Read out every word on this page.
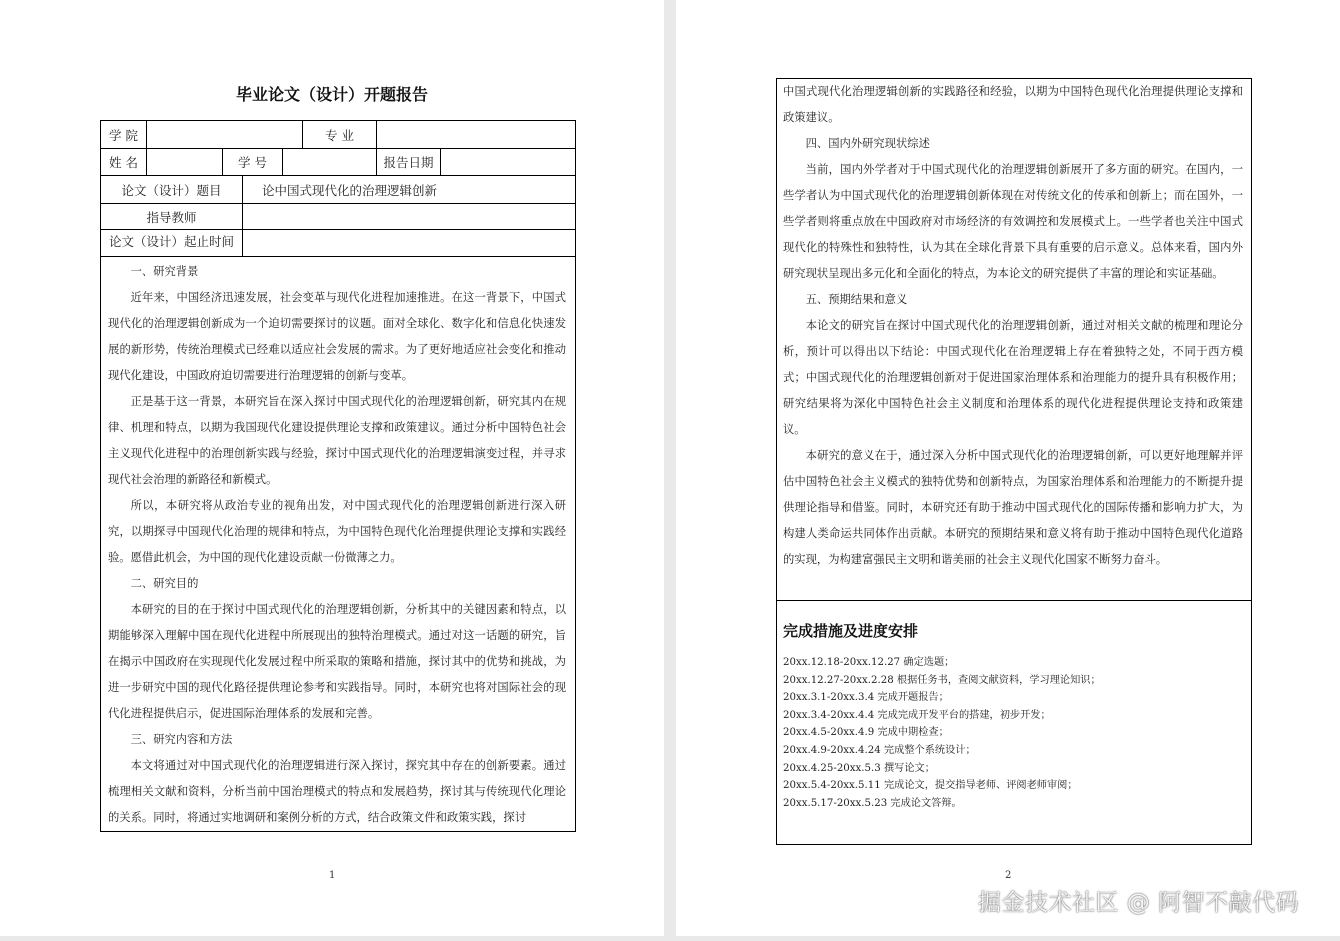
毕业论文（设计）开题报告
学 院	专 业
姓 名	学 号	报告日期
论文（设计）题目	论中国式现代化的治理逻辑创新
指导教师
论文（设计）起止时间

一、研究背景

近年来，中国经济迅速发展，社会变革与现代化进程加速推进。在这一背景下，中国式现代化的治理逻辑创新成为一个迫切需要探讨的议题。面对全球化、数字化和信息化快速发展的新形势，传统治理模式已经难以适应社会发展的需求。为了更好地适应社会变化和推动现代化建设，中国政府迫切需要进行治理逻辑的创新与变革。

正是基于这一背景，本研究旨在深入探讨中国式现代化的治理逻辑创新，研究其内在规律、机理和特点，以期为我国现代化建设提供理论支撑和政策建议。通过分析中国特色社会主义现代化进程中的治理创新实践与经验，探讨中国式现代化的治理逻辑演变过程，并寻求现代社会治理的新路径和新模式。

所以，本研究将从政治专业的视角出发，对中国式现代化的治理逻辑创新进行深入研究，以期探寻中国现代化治理的规律和特点，为中国特色现代化治理提供理论支撑和实践经验。愿借此机会，为中国的现代化建设贡献一份微薄之力。

二、研究目的

本研究的目的在于探讨中国式现代化的治理逻辑创新，分析其中的关键因素和特点，以期能够深入理解中国在现代化进程中所展现出的独特治理模式。通过对这一话题的研究，旨在揭示中国政府在实现现代化发展过程中所采取的策略和措施，探讨其中的优势和挑战，为进一步研究中国的现代化路径提供理论参考和实践指导。同时，本研究也将对国际社会的现代化进程提供启示，促进国际治理体系的发展和完善。

三、研究内容和方法

本文将通过对中国式现代化的治理逻辑进行深入探讨，探究其中存在的创新要素。通过梳理相关文献和资料，分析当前中国治理模式的特点和发展趋势，探讨其与传统现代化理论的关系。同时，将通过实地调研和案例分析的方式，结合政策文件和政策实践，探讨

1

中国式现代化治理逻辑创新的实践路径和经验，以期为中国特色现代化治理提供理论支撑和政策建议。

四、国内外研究现状综述

当前，国内外学者对于中国式现代化的治理逻辑创新展开了多方面的研究。在国内，一些学者认为中国式现代化的治理逻辑创新体现在对传统文化的传承和创新上；而在国外，一些学者则将重点放在中国政府对市场经济的有效调控和发展模式上。一些学者也关注中国式现代化的特殊性和独特性，认为其在全球化背景下具有重要的启示意义。总体来看，国内外研究现状呈现出多元化和全面化的特点，为本论文的研究提供了丰富的理论和实证基础。

五、预期结果和意义

本论文的研究旨在探讨中国式现代化的治理逻辑创新，通过对相关文献的梳理和理论分析，预计可以得出以下结论：中国式现代化在治理逻辑上存在着独特之处，不同于西方模式；中国式现代化的治理逻辑创新对于促进国家治理体系和治理能力的提升具有积极作用；研究结果将为深化中国特色社会主义制度和治理体系的现代化进程提供理论支持和政策建议。

本研究的意义在于，通过深入分析中国式现代化的治理逻辑创新，可以更好地理解并评估中国特色社会主义模式的独特优势和创新特点，为国家治理体系和治理能力的不断提升提供理论指导和借鉴。同时，本研究还有助于推动中国式现代化的国际传播和影响力扩大，为构建人类命运共同体作出贡献。本研究的预期结果和意义将有助于推动中国特色现代化道路的实现，为构建富强民主文明和谐美丽的社会主义现代化国家不断努力奋斗。

完成措施及进度安排
20xx.12.18-20xx.12.27 确定选题；
20xx.12.27-20xx.2.28 根据任务书，查阅文献资料，学习理论知识；
20xx.3.1-20xx.3.4 完成开题报告；
20xx.3.4-20xx.4.4 完成完成开发平台的搭建，初步开发；
20xx.4.5-20xx.4.9 完成中期检查；
20xx.4.9-20xx.4.24 完成整个系统设计；
20xx.4.25-20xx.5.3 撰写论文；
20xx.5.4-20xx.5.11 完成论文，提交指导老师、评阅老师审阅；
20xx.5.17-20xx.5.23 完成论文答辩。
2
掘金技术社区 @ 阿智不敲代码
